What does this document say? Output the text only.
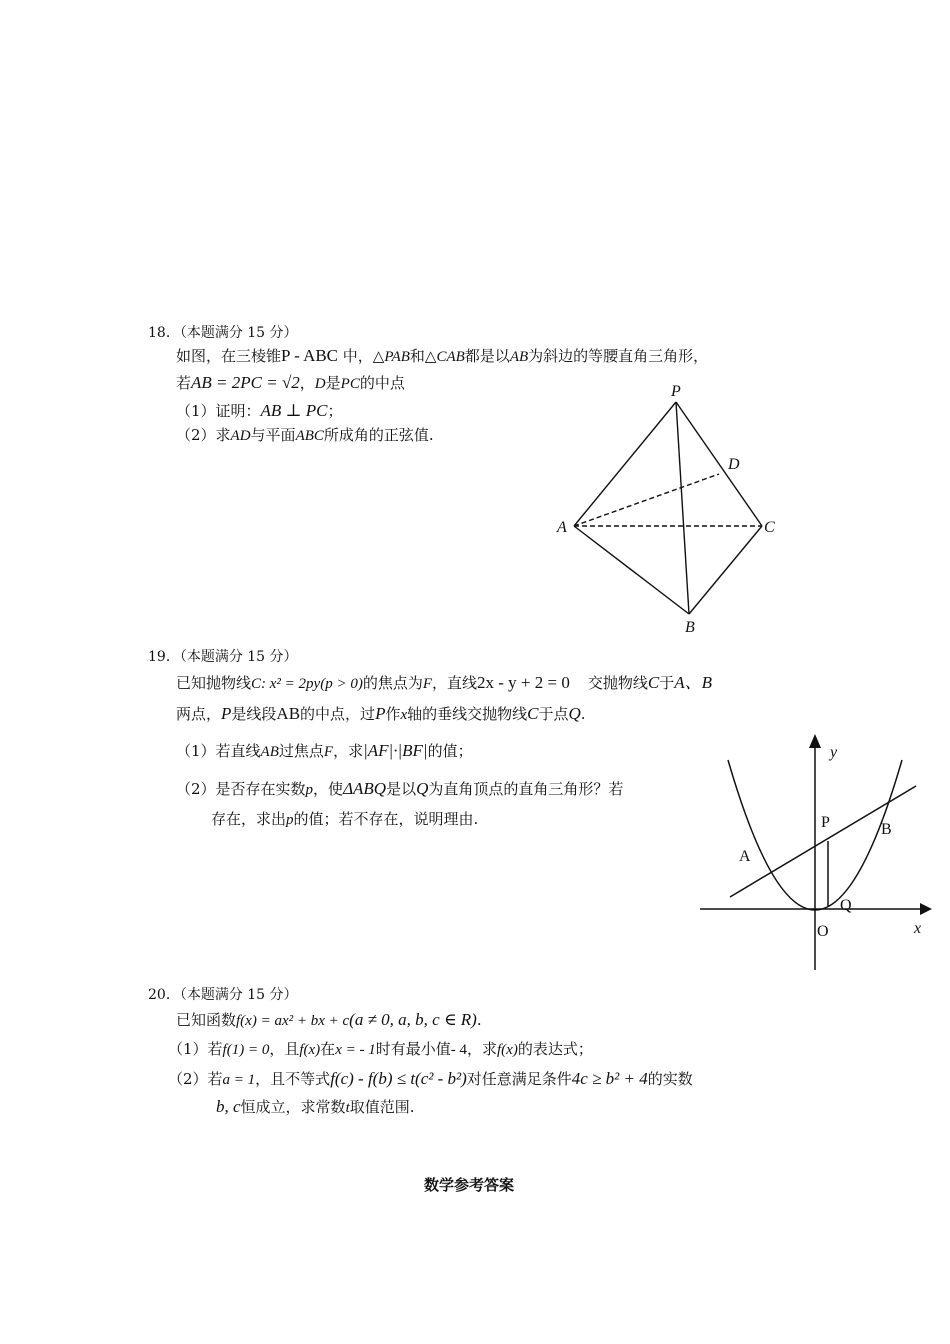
18．（本题满分 15 分）
如图，在三棱锥P - ABC 中，△PAB和△CAB都是以AB为斜边的等腰直角三角形，
若AB = 2PC = √2，D是PC的中点
（1）证明：AB ⊥ PC；
（2）求AD与平面ABC所成角的正弦值.
P
A	C
D
B
19．（本题满分 15 分）
已知抛物线C: x² = 2py(p > 0)的焦点为F，直线2x - y + 2 = 0 交抛物线C于A、B
两点，P是线段AB的中点，过P作x轴的垂线交抛物线C于点Q.
（1）若直线AB过焦点F，求|AF|·|BF|的值；
（2）是否存在实数p，使ΔABQ是以Q为直角顶点的直角三角形？若
存在，求出p的值；若不存在，说明理由.
y
x
O
A
B
P
Q
20．（本题满分 15 分）
已知函数f(x) = ax² + bx + c(a ≠ 0, a, b, c ∈ R).
（1）若f(1) = 0，且f(x)在x = - 1时有最小值- 4，求f(x)的表达式；
（2）若a = 1，且不等式f(c) - f(b) ≤ t(c² - b²)对任意满足条件4c ≥ b² + 4的实数
b, c恒成立，求常数t取值范围.
数学参考答案
